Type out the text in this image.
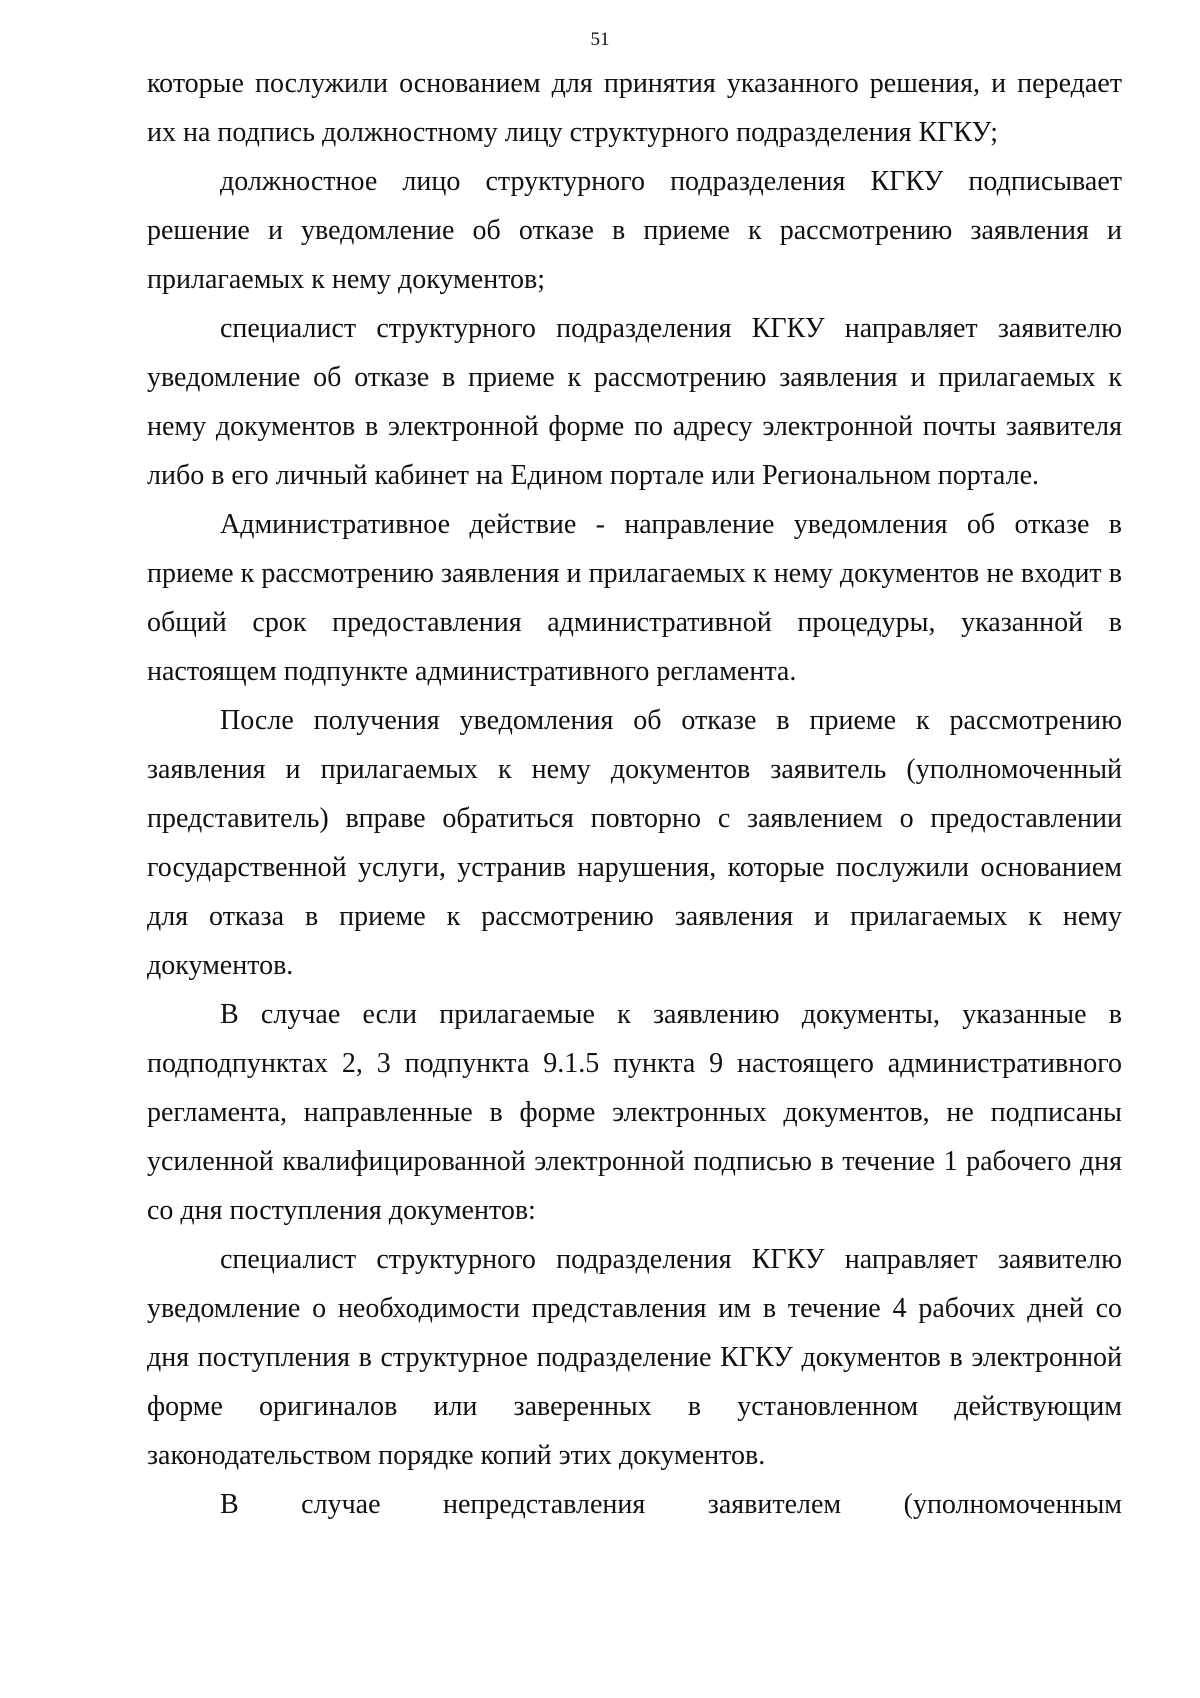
51

которые послужили основанием для принятия указанного решения, и передает их на подпись должностному лицу структурного подразделения КГКУ;

должностное лицо структурного подразделения КГКУ подписывает решение и уведомление об отказе в приеме к рассмотрению заявления и прилагаемых к нему документов;

специалист структурного подразделения КГКУ направляет заявителю уведомление об отказе в приеме к рассмотрению заявления и прилагаемых к нему документов в электронной форме по адресу электронной почты заявителя либо в его личный кабинет на Едином портале или Региональном портале.

Административное действие - направление уведомления об отказе в приеме к рассмотрению заявления и прилагаемых к нему документов не входит в общий срок предоставления административной процедуры, указанной в настоящем подпункте административного регламента.

После получения уведомления об отказе в приеме к рассмотрению заявления и прилагаемых к нему документов заявитель (уполномоченный представитель) вправе обратиться повторно с заявлением о предоставлении государственной услуги, устранив нарушения, которые послужили основанием для отказа в приеме к рассмотрению заявления и прилагаемых к нему документов.

В случае если прилагаемые к заявлению документы, указанные в подподпунктах 2, 3 подпункта 9.1.5 пункта 9 настоящего административного регламента, направленные в форме электронных документов, не подписаны усиленной квалифицированной электронной подписью в течение 1 рабочего дня со дня поступления документов:

специалист структурного подразделения КГКУ направляет заявителю уведомление о необходимости представления им в течение 4 рабочих дней со дня поступления в структурное подразделение КГКУ документов в электронной форме оригиналов или заверенных в установленном действующим законодательством порядке копий этих документов.

В случае непредставления заявителем (уполномоченным
